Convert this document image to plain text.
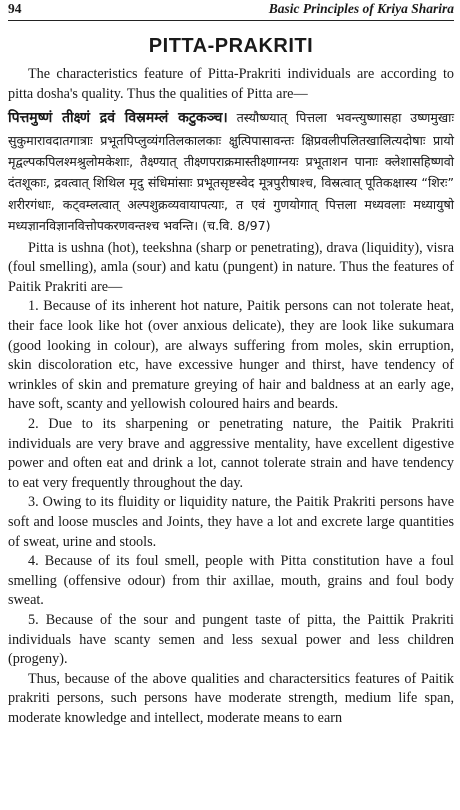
94	Basic Principles of Kriya Sharira
PITTA-PRAKRITI

The characteristics feature of Pitta-Prakriti individuals are according to pitta dosha's quality. Thus the qualities of Pitta are—

पित्तमुष्णं तीक्ष्णं द्रवं विस्रमम्लं कटुकञ्च। तस्यौष्ण्यात् पित्तला भवन्त्युष्णासहा उष्णमुखाः सुकुमारावदातगात्राः प्रभूतपिप्लुव्यंगतिलकालकाः क्षुत्पिपासावन्तः क्षिप्रवलीपलितखालित्यदोषाः प्रायो मृद्वल्पकपिलश्मश्रुलोमकेशाः, तैक्ष्ण्यात् तीक्ष्णपराक्रमास्तीक्ष्णाग्नयः प्रभूताशन पानाः क्लेशासहिष्णवो दंतशूकाः, द्रवत्वात् शिथिल मृदु संधिमांसाः प्रभूतसृष्टस्वेद मूत्रपुरीषाश्च, विस्रत्वात् पूतिकक्षास्य “शिरः” शरीरगंधाः, कट्वम्लत्वात् अल्पशुक्रव्यवायापत्याः, त एवं गुणयोगात् पित्तला मध्यवलाः मध्यायुषो मध्यज्ञानविज्ञानवित्तोपकरणवन्तश्च भवन्ति। (च.वि. 8/97)

Pitta is ushna (hot), teekshna (sharp or penetrating), drava (liquidity), visra (foul smelling), amla (sour) and katu (pungent) in nature. Thus the features of Paitik Prakriti are—

1. Because of its inherent hot nature, Paitik persons can not tolerate heat, their face look like hot (over anxious delicate), they are look like sukumara (good looking in colour), are always suffering from moles, skin erruption, skin discoloration etc, have excessive hunger and thirst, have tendency of wrinkles of skin and premature greying of hair and baldness at an early age, have soft, scanty and yellowish coloured hairs and beards.

2. Due to its sharpening or penetrating nature, the Paitik Prakriti individuals are very brave and aggressive mentality, have excellent digestive power and often eat and drink a lot, cannot tolerate strain and have tendency to eat very frequently throughout the day.

3. Owing to its fluidity or liquidity nature, the Paitik Prakriti persons have soft and loose muscles and Joints, they have a lot and excrete large quantities of sweat, urine and stools.

4. Because of its foul smell, people with Pitta constitution have a foul smelling (offensive odour) from thir axillae, mouth, grains and foul body sweat.

5. Because of the sour and pungent taste of pitta, the Paittik Prakriti individuals have scanty semen and less sexual power and less children (progeny).

Thus, because of the above qualities and charactersitics features of Paitik prakriti persons, such persons have moderate strength, medium life span, moderate knowledge and intellect, moderate means to earn
